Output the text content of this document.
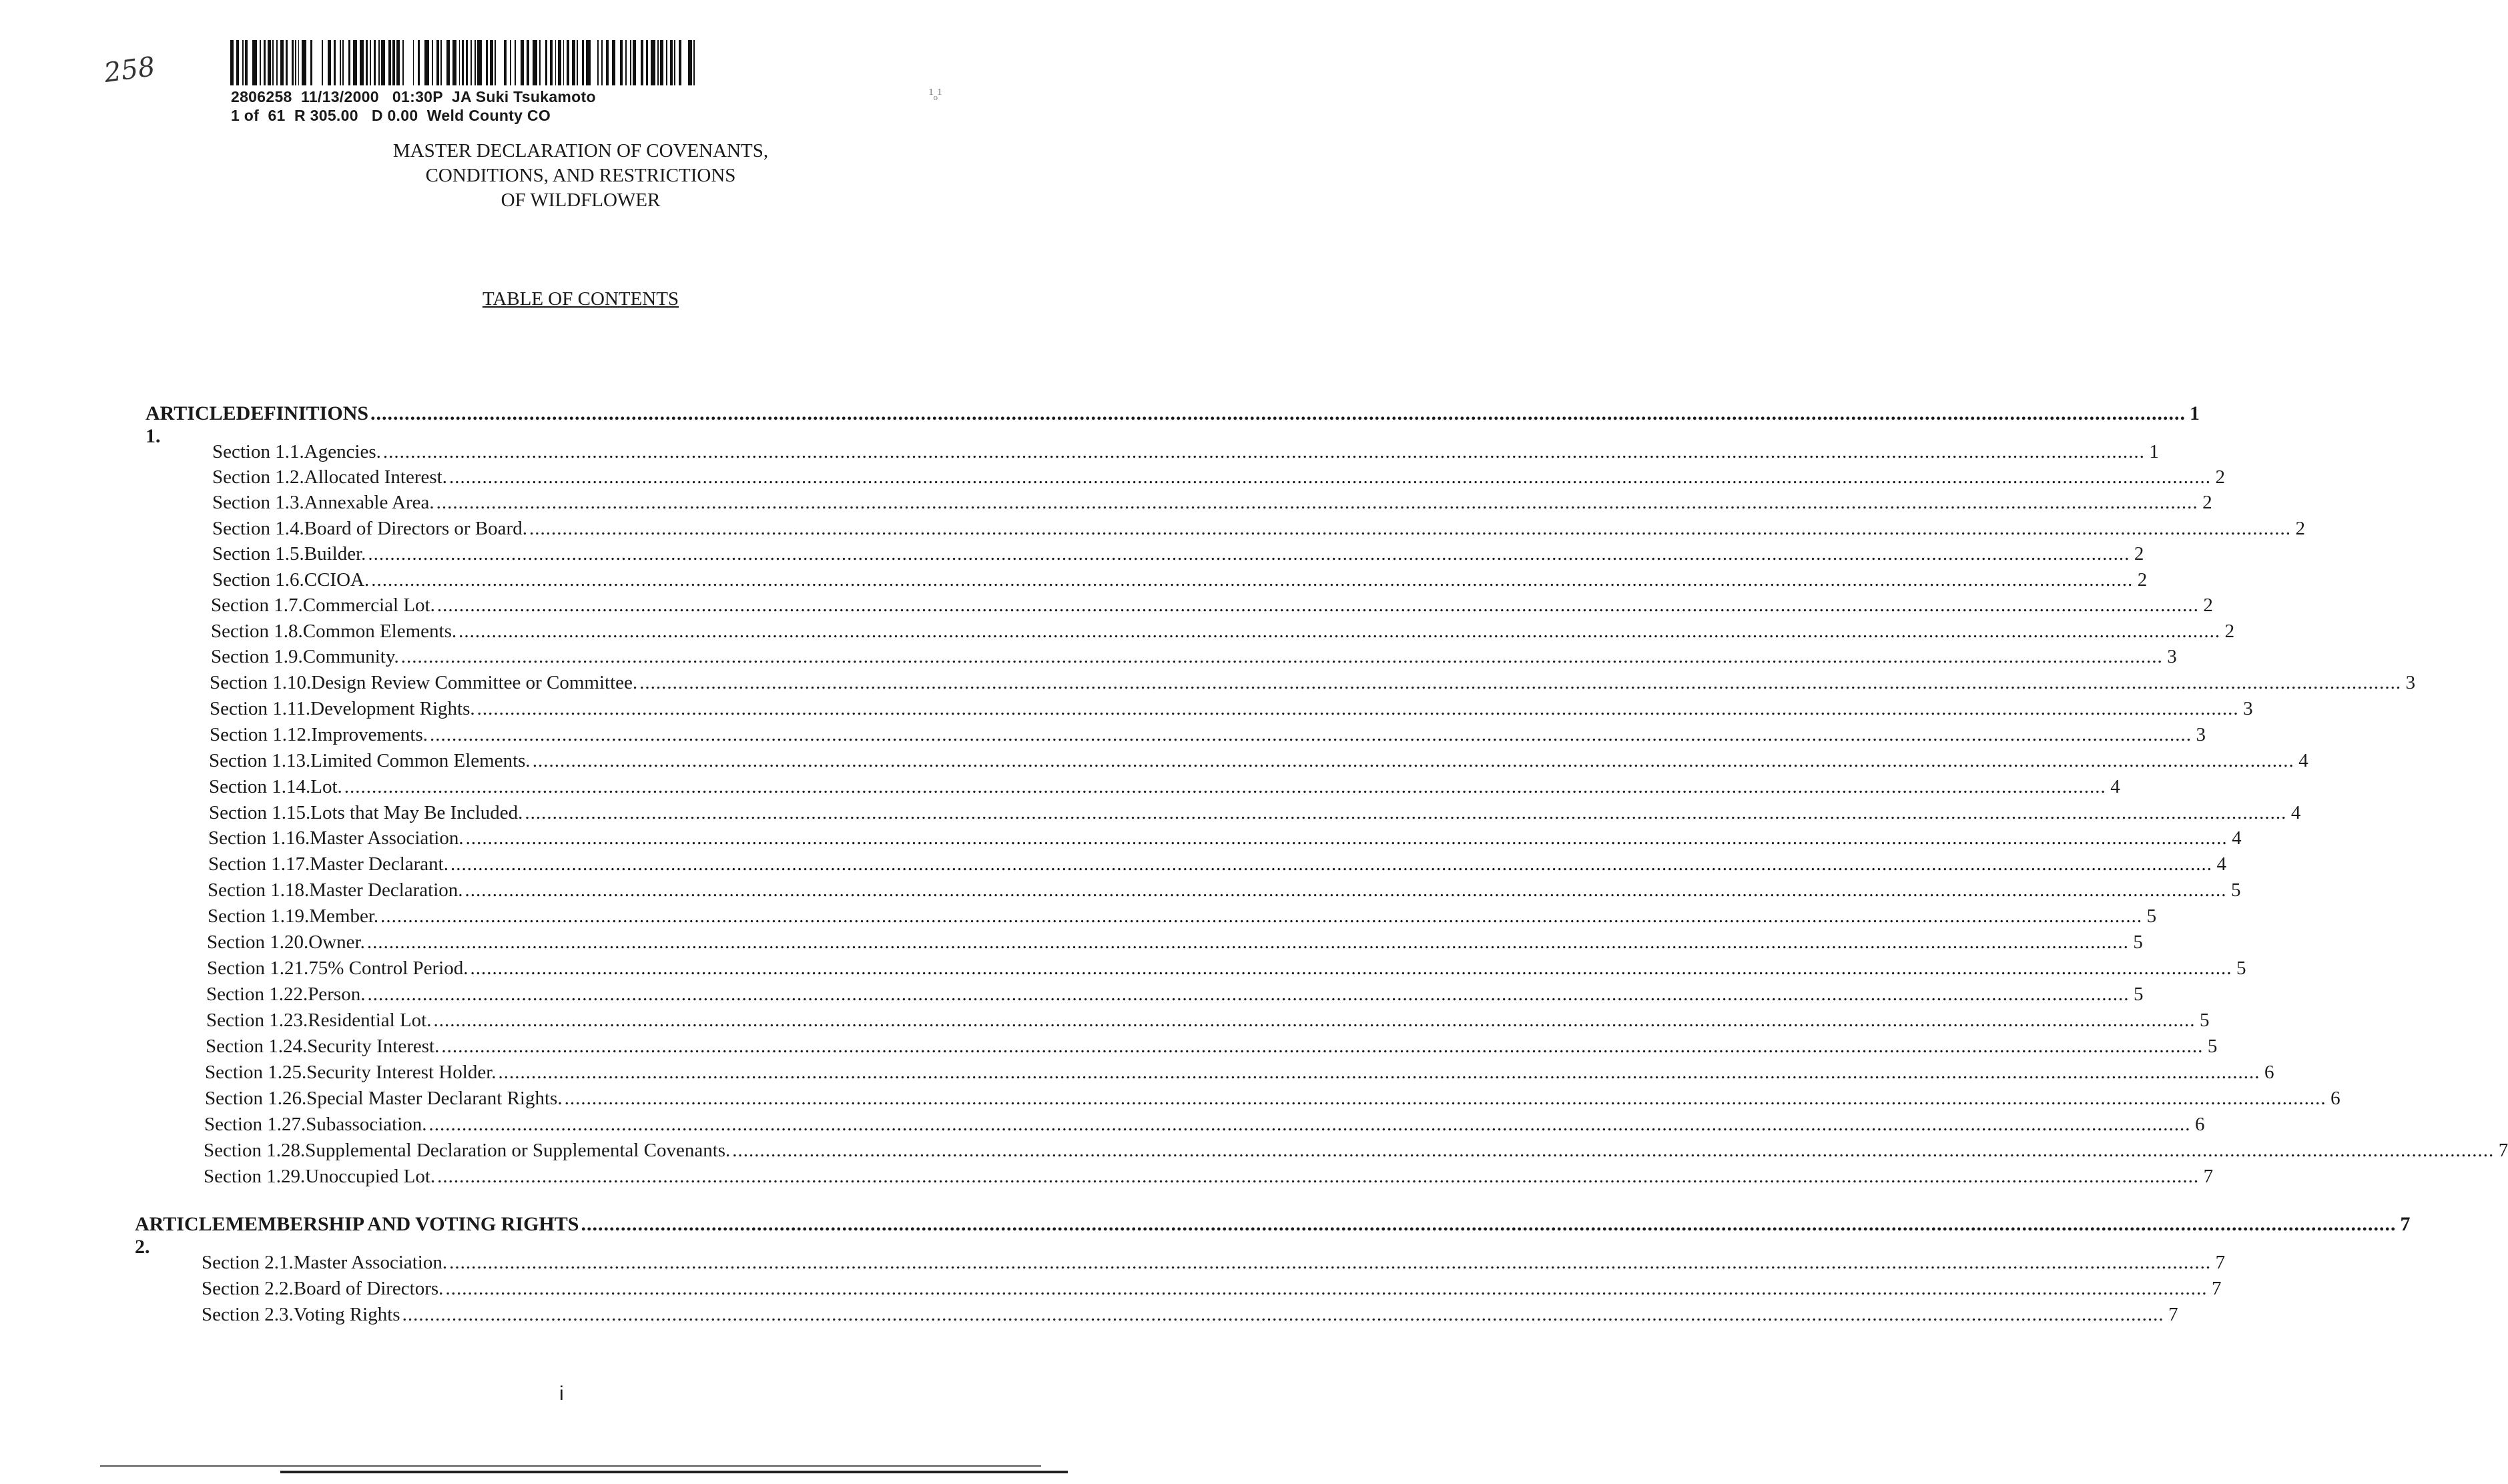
258
2806258  11/13/2000   01:30P  JA Suki Tsukamoto
1 of  61  R 305.00   D 0.00  Weld County CO
¹ₒ¹
MASTER DECLARATION OF COVENANTS,
CONDITIONS, AND RESTRICTIONS
OF WILDFLOWER
TABLE OF CONTENTS
ARTICLE 1.
DEFINITIONS .....	1
Section 1.1. Agencies. .....	1
Section 1.2. Allocated Interest. .....	2
Section 1.3. Annexable Area. .....	2
Section 1.4. Board of Directors or Board. .....	2
Section 1.5. Builder. .....	2
Section 1.6. CCIOA. .....	2
Section 1.7. Commercial Lot. .....	2
Section 1.8. Common Elements. .....	2
Section 1.9. Community. .....	3
Section 1.10. Design Review Committee or Committee. .....	3
Section 1.11. Development Rights. .....	3
Section 1.12. Improvements. .....	3
Section 1.13. Limited Common Elements. .....	4
Section 1.14. Lot. .....	4
Section 1.15. Lots that May Be Included. .....	4
Section 1.16. Master Association. .....	4
Section 1.17. Master Declarant. .....	4
Section 1.18. Master Declaration. .....	5
Section 1.19. Member. .....	5
Section 1.20. Owner. .....	5
Section 1.21. 75% Control Period. .....	5
Section 1.22. Person. .....	5
Section 1.23. Residential Lot. .....	5
Section 1.24. Security Interest. .....	5
Section 1.25. Security Interest Holder. .....	6
Section 1.26. Special Master Declarant Rights. .....	6
Section 1.27. Subassociation. .....	6
Section 1.28. Supplemental Declaration or Supplemental Covenants. .....	7
Section 1.29. Unoccupied Lot. .....	7
ARTICLE 2.
MEMBERSHIP AND VOTING RIGHTS .....	7
Section 2.1. Master Association. .....	7
Section 2.2. Board of Directors. .....	7
Section 2.3. Voting Rights .....	7
i
